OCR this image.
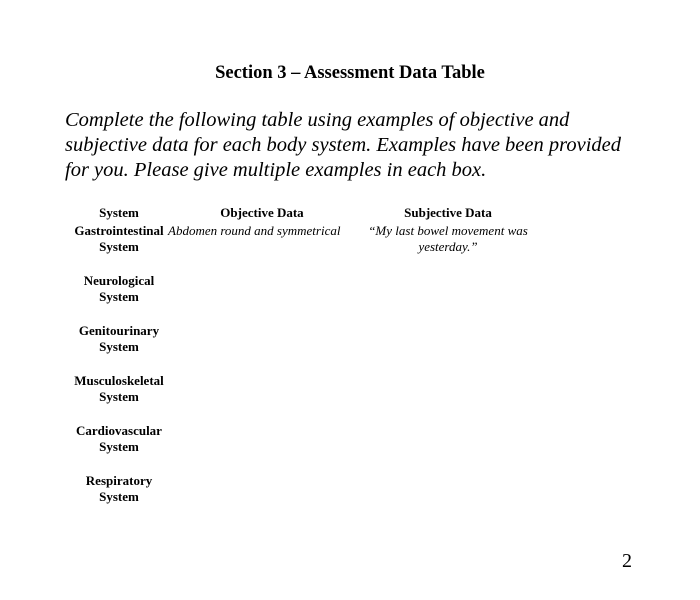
Section 3 – Assessment Data Table
Complete the following table using examples of objective and
subjective data for each body system. Examples have been provided
for you. Please give multiple examples in each box.
System	Objective Data	Subjective Data

Gastrointestinal
System	Abdomen round and symmetrical	“My last bowel movement was yesterday.”

Neurological
System		

Genitourinary
System		

Musculoskeletal
System		

Cardiovascular
System		

Respiratory
System		

2
